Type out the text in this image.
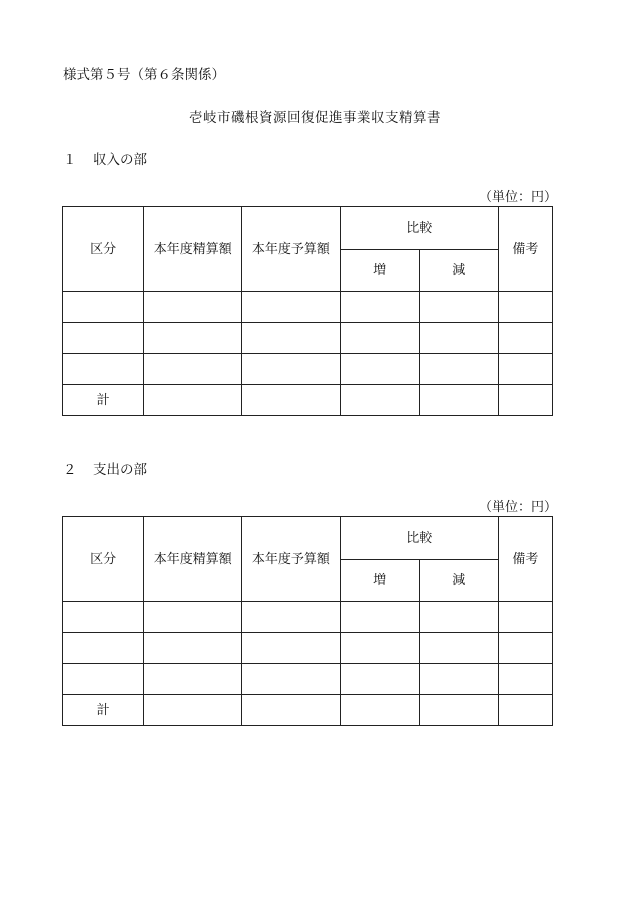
様式第５号（第６条関係）
壱岐市磯根資源回復促進事業収支精算書
１ 収入の部
（単位：円）
区分	本年度精算額	本年度予算額	比較		備考
			増	減	

計					
２ 支出の部
（単位：円）
区分	本年度精算額	本年度予算額	比較		備考
			増	減	

計					
